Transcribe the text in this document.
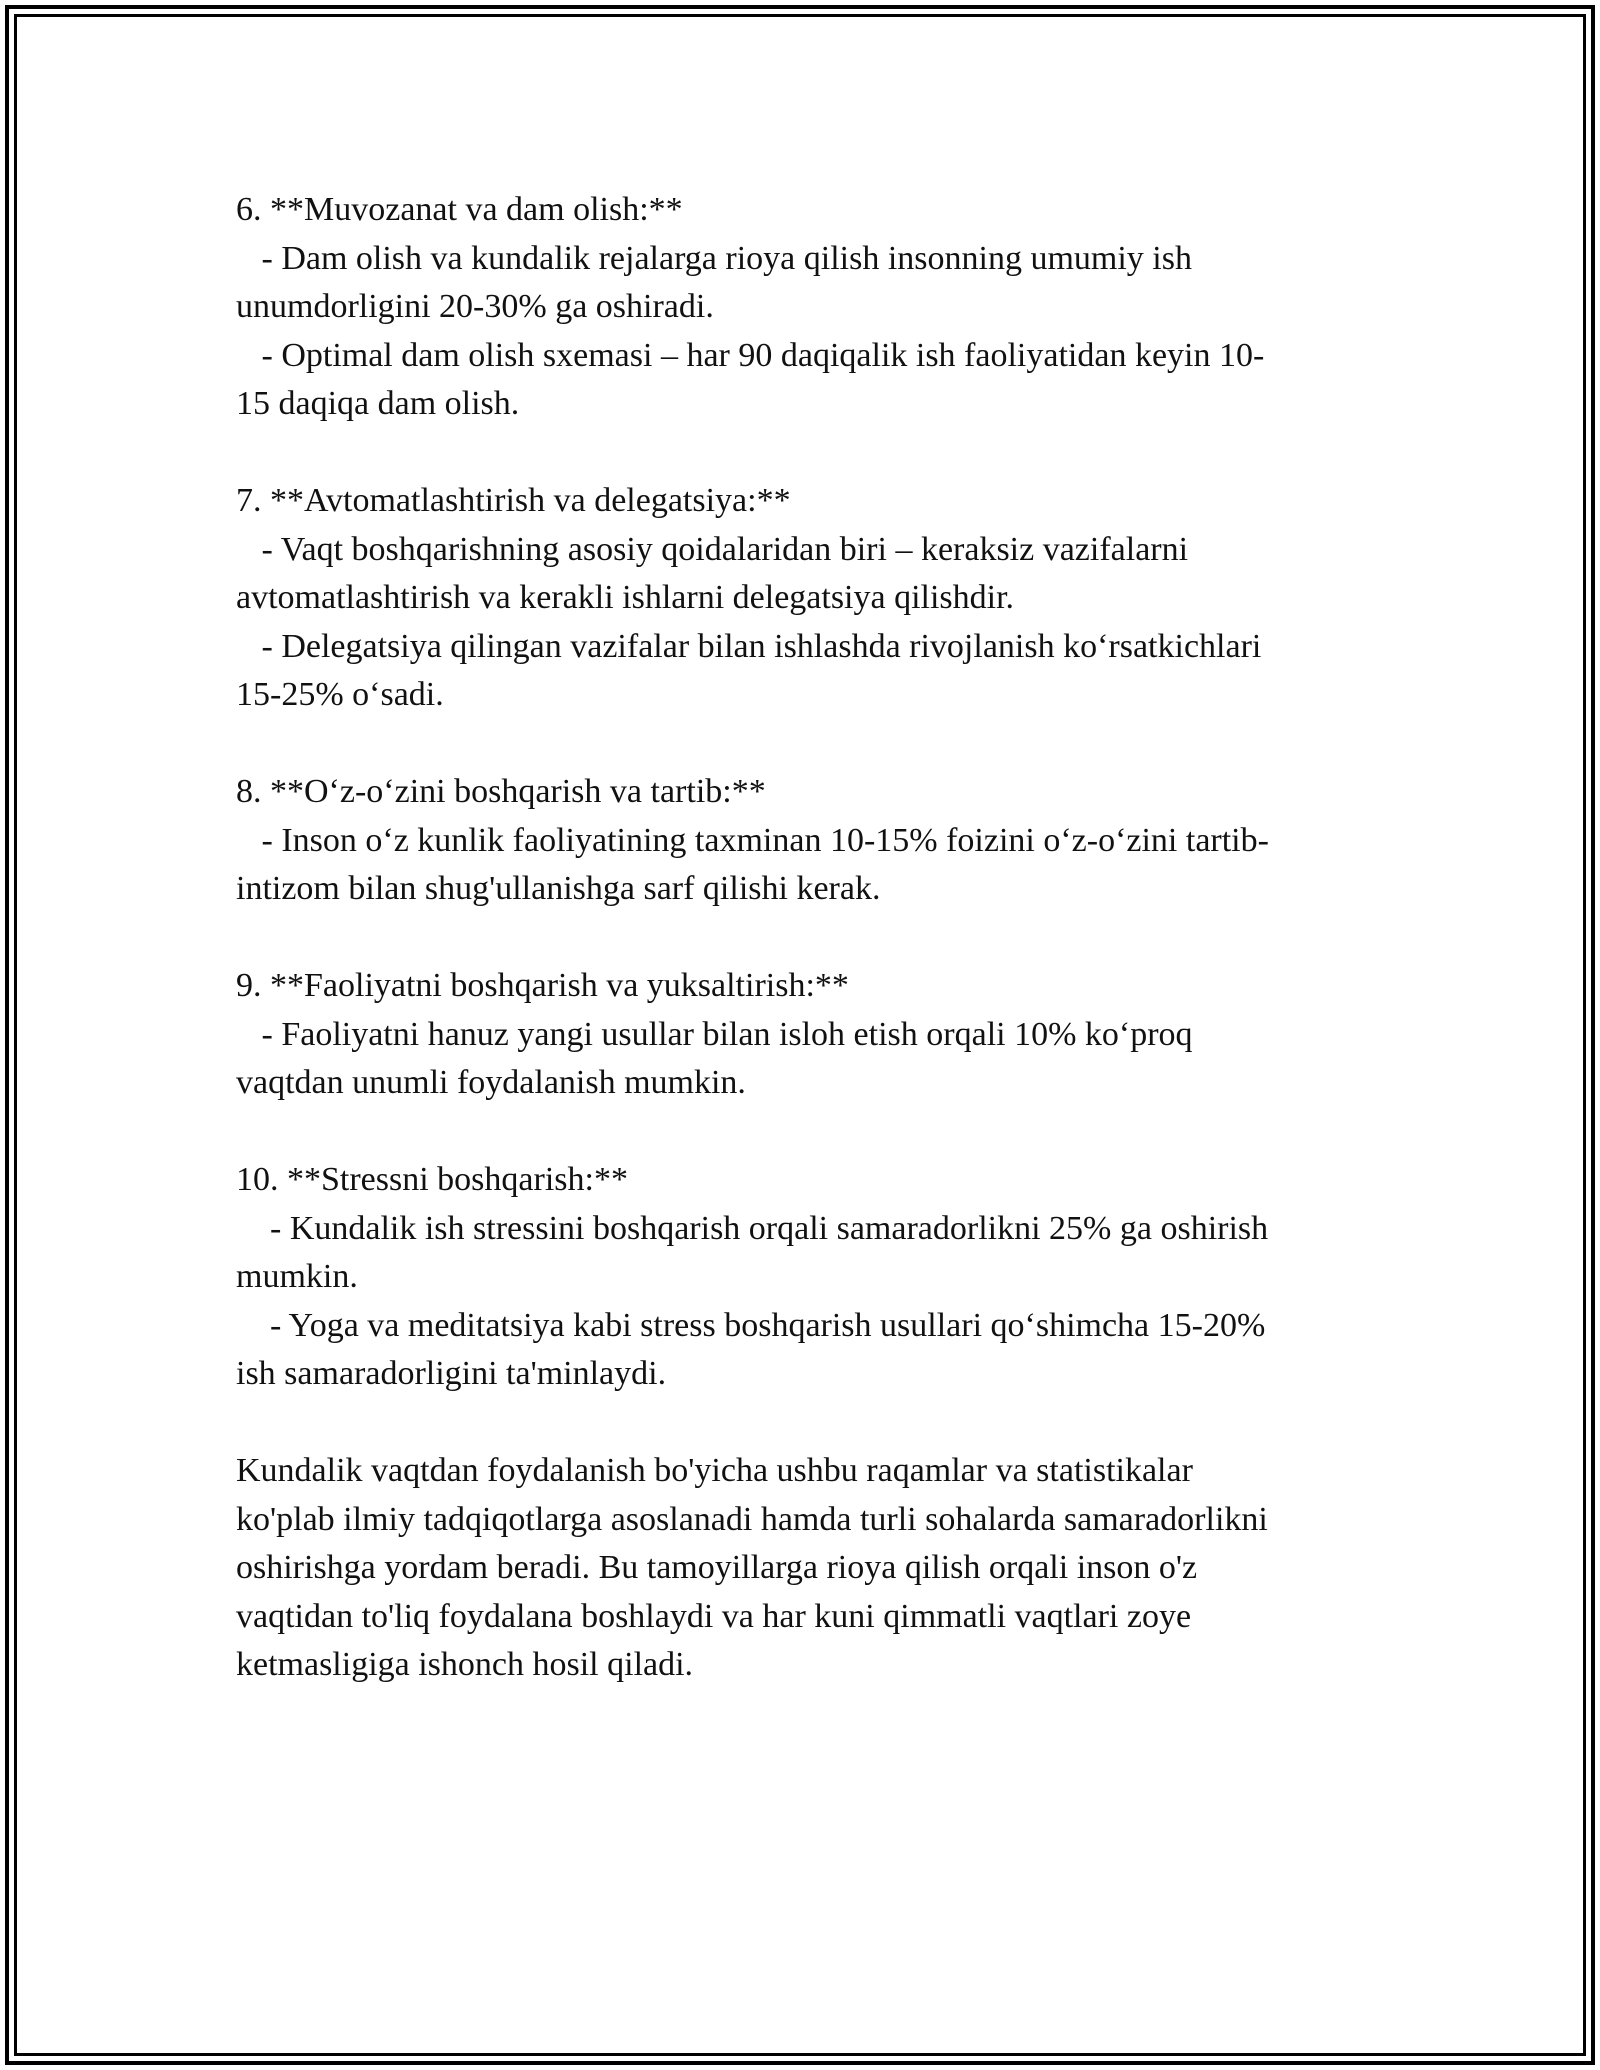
6. **Muvozanat va dam olish:**
- Dam olish va kundalik rejalarga rioya qilish insonning umumiy ish
unumdorligini 20-30% ga oshiradi.
- Optimal dam olish sxemasi – har 90 daqiqalik ish faoliyatidan keyin 10-
15 daqiqa dam olish.
7. **Avtomatlashtirish va delegatsiya:**
- Vaqt boshqarishning asosiy qoidalaridan biri – keraksiz vazifalarni
avtomatlashtirish va kerakli ishlarni delegatsiya qilishdir.
- Delegatsiya qilingan vazifalar bilan ishlashda rivojlanish koʻrsatkichlari
15-25% oʻsadi.
8. **Oʻz-oʻzini boshqarish va tartib:**
- Inson oʻz kunlik faoliyatining taxminan 10-15% foizini oʻz-oʻzini tartib-
intizom bilan shug'ullanishga sarf qilishi kerak.
9. **Faoliyatni boshqarish va yuksaltirish:**
- Faoliyatni hanuz yangi usullar bilan isloh etish orqali 10% koʻproq
vaqtdan unumli foydalanish mumkin.
10. **Stressni boshqarish:**
- Kundalik ish stressini boshqarish orqali samaradorlikni 25% ga oshirish
mumkin.
- Yoga va meditatsiya kabi stress boshqarish usullari qoʻshimcha 15-20%
ish samaradorligini ta'minlaydi.
Kundalik vaqtdan foydalanish bo'yicha ushbu raqamlar va statistikalar
ko'plab ilmiy tadqiqotlarga asoslanadi hamda turli sohalarda samaradorlikni
oshirishga yordam beradi. Bu tamoyillarga rioya qilish orqali inson o'z
vaqtidan to'liq foydalana boshlaydi va har kuni qimmatli vaqtlari zoye
ketmasligiga ishonch hosil qiladi.
